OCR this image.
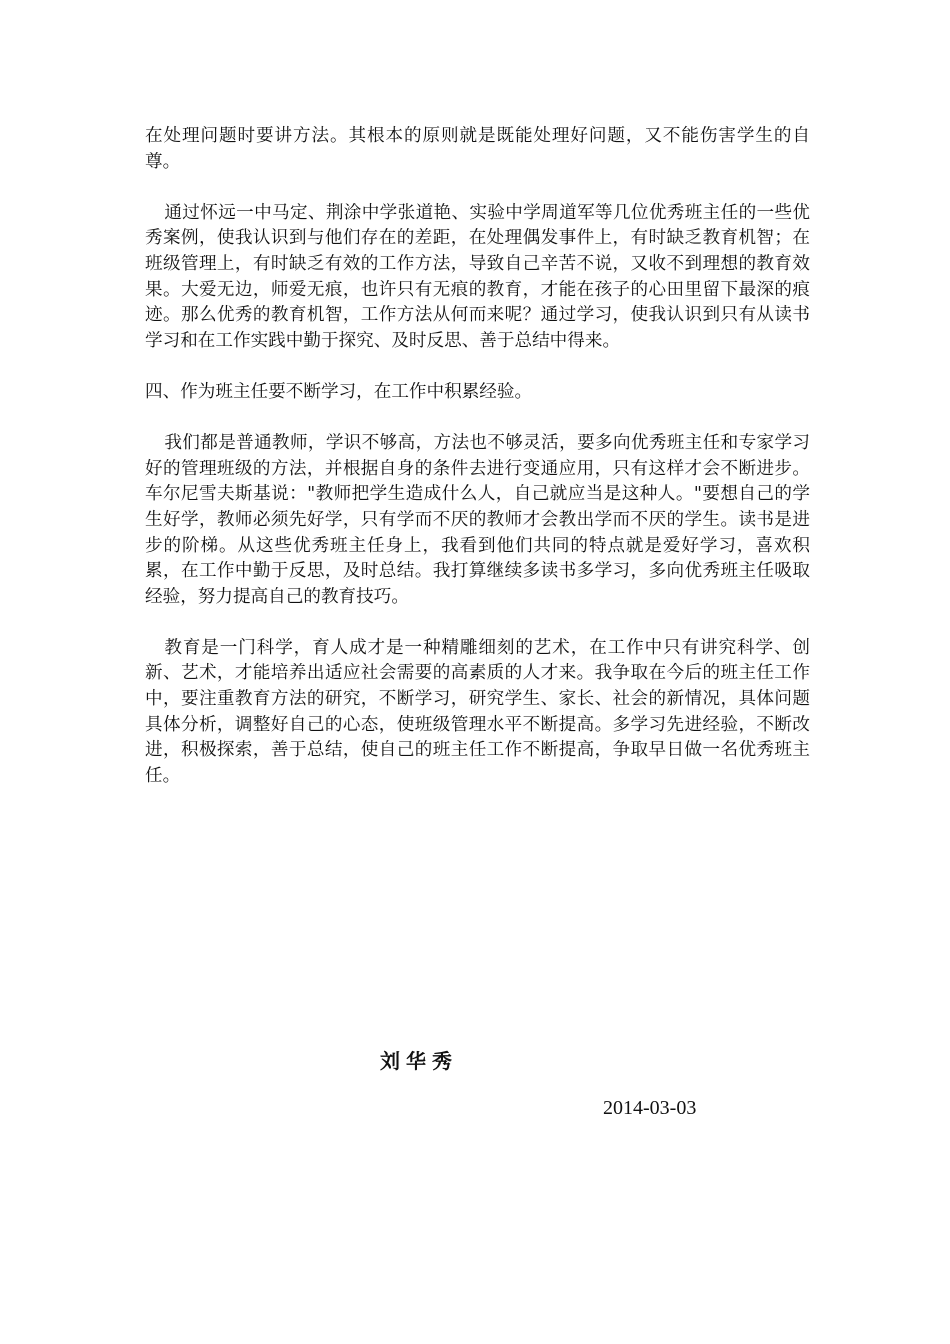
在处理问题时要讲方法。其根本的原则就是既能处理好问题，又不能伤害学生的自尊。

通过怀远一中马定、荆涂中学张道艳、实验中学周道军等几位优秀班主任的一些优秀案例，使我认识到与他们存在的差距，在处理偶发事件上，有时缺乏教育机智；在班级管理上，有时缺乏有效的工作方法，导致自己辛苦不说，又收不到理想的教育效果。大爱无边，师爱无痕，也许只有无痕的教育，才能在孩子的心田里留下最深的痕迹。那么优秀的教育机智，工作方法从何而来呢？通过学习，使我认识到只有从读书学习和在工作实践中勤于探究、及时反思、善于总结中得来。

四、作为班主任要不断学习，在工作中积累经验。

我们都是普通教师，学识不够高，方法也不够灵活，要多向优秀班主任和专家学习好的管理班级的方法，并根据自身的条件去进行变通应用，只有这样才会不断进步。车尔尼雪夫斯基说："教师把学生造成什么人，自己就应当是这种人。"要想自己的学生好学，教师必须先好学，只有学而不厌的教师才会教出学而不厌的学生。读书是进步的阶梯。从这些优秀班主任身上，我看到他们共同的特点就是爱好学习，喜欢积累，在工作中勤于反思，及时总结。我打算继续多读书多学习，多向优秀班主任吸取经验，努力提高自己的教育技巧。

教育是一门科学，育人成才是一种精雕细刻的艺术，在工作中只有讲究科学、创新、艺术，才能培养出适应社会需要的高素质的人才来。我争取在今后的班主任工作中，要注重教育方法的研究，不断学习，研究学生、家长、社会的新情况，具体问题具体分析，调整好自己的心态，使班级管理水平不断提高。多学习先进经验，不断改进，积极探索，善于总结，使自己的班主任工作不断提高，争取早日做一名优秀班主任。

刘华秀

2014-03-03
